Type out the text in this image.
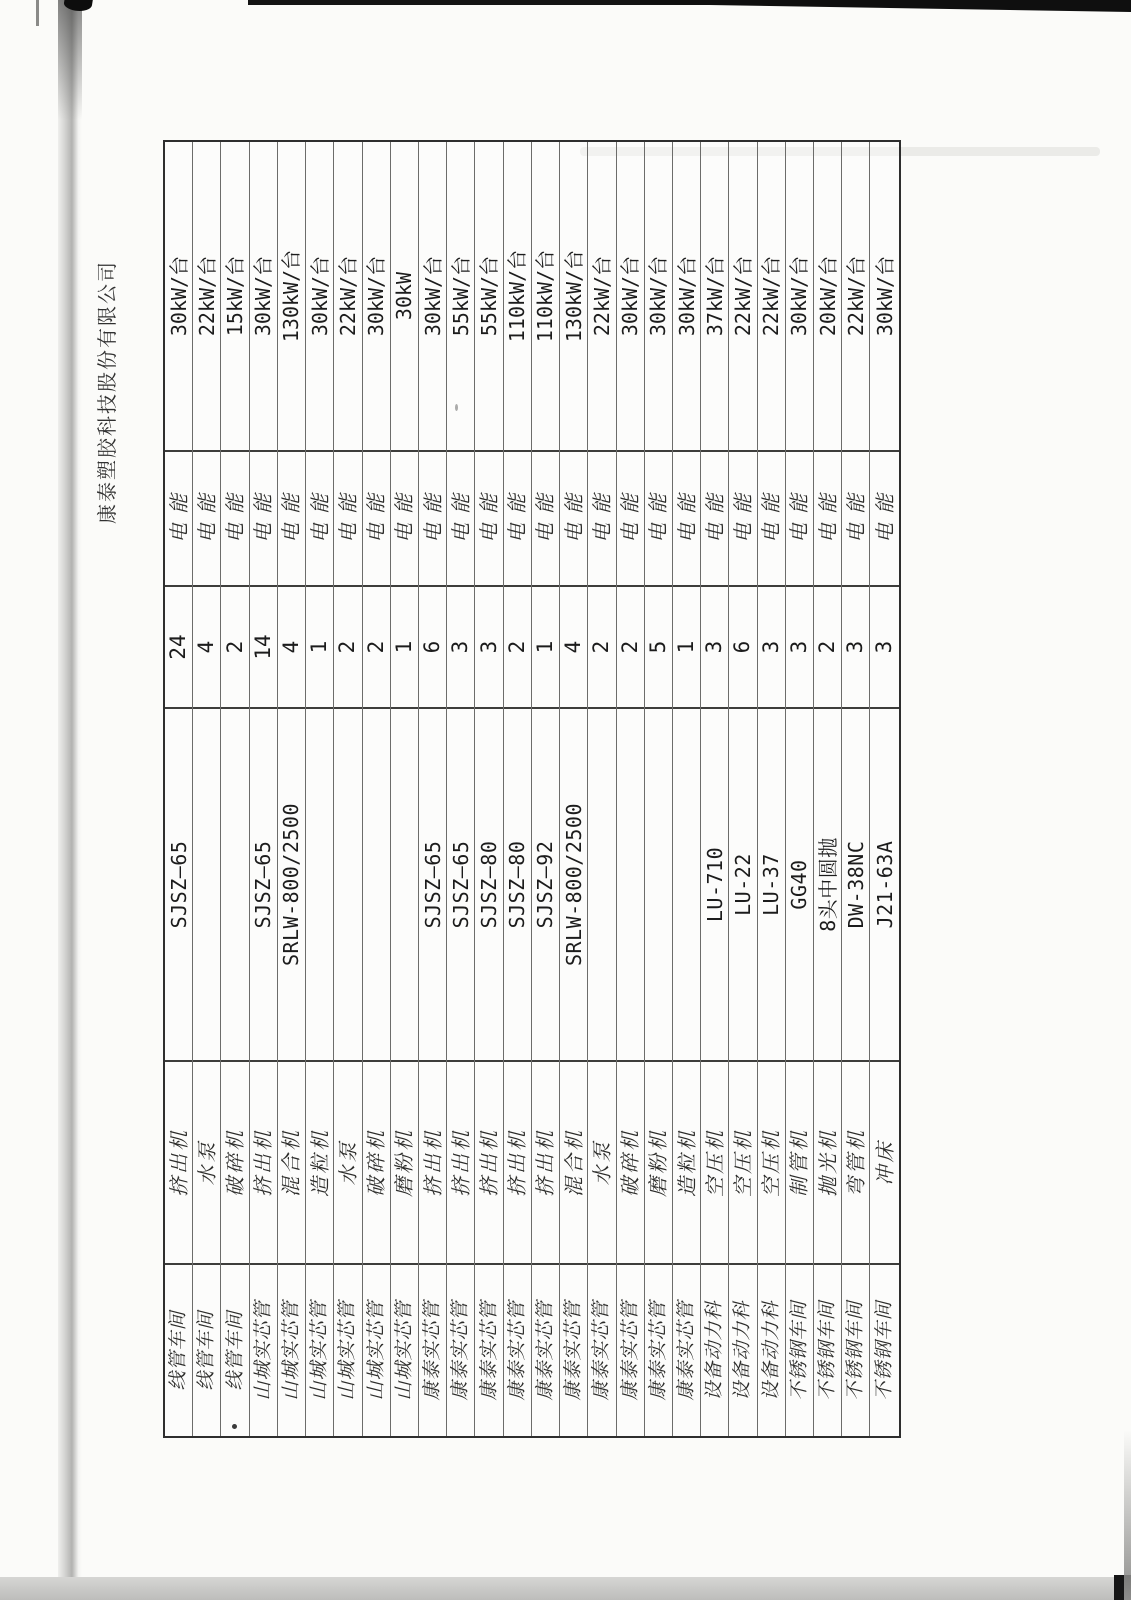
康泰塑胶科技股份有限公司
线管车间
挤出机
SJSZ—65
24
电能
30kW/台
线管车间
水泵
4
电能
22kW/台
线管车间
破碎机
2
电能
15kW/台
山城实芯管
挤出机
SJSZ—65
14
电能
30kW/台
山城实芯管
混合机
SRLW-800/2500
4
电能
130kW/台
山城实芯管
造粒机
1
电能
30kW/台
山城实芯管
水泵
2
电能
22kW/台
山城实芯管
破碎机
2
电能
30kW/台
山城实芯管
磨粉机
1
电能
30kW
康泰实芯管
挤出机
SJSZ—65
6
电能
30kW/台
康泰实芯管
挤出机
SJSZ—65
3
电能
55kW/台
康泰实芯管
挤出机
SJSZ—80
3
电能
55kW/台
康泰实芯管
挤出机
SJSZ—80
2
电能
110kW/台
康泰实芯管
挤出机
SJSZ—92
1
电能
110kW/台
康泰实芯管
混合机
SRLW-800/2500
4
电能
130kW/台
康泰实芯管
水泵
2
电能
22kW/台
康泰实芯管
破碎机
2
电能
30kW/台
康泰实芯管
磨粉机
5
电能
30kW/台
康泰实芯管
造粒机
1
电能
30kW/台
设备动力科
空压机
LU-710
3
电能
37kW/台
设备动力科
空压机
LU-22
6
电能
22kW/台
设备动力科
空压机
LU-37
3
电能
22kW/台
不锈钢车间
制管机
GG40
3
电能
30kW/台
不锈钢车间
抛光机
8头中圆抛
2
电能
20kW/台
不锈钢车间
弯管机
DW-38NC
3
电能
22kW/台
不锈钢车间
冲床
J21-63A
3
电能
30kW/台
